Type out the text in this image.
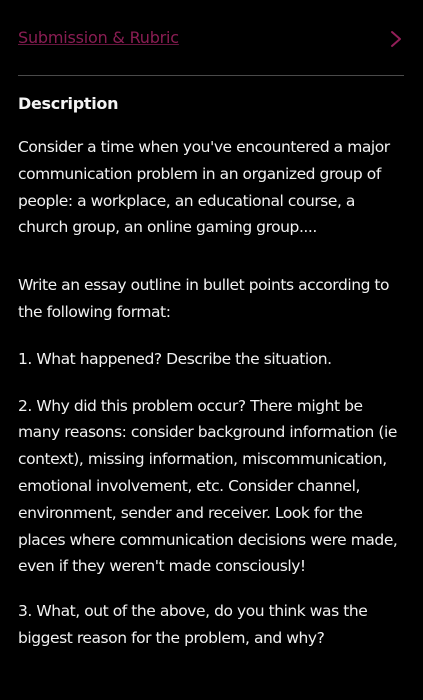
Submission & Rubric
Description

Consider a time when you've encountered a major communication problem in an organized group of people: a workplace, an educational course, a church group, an online gaming group....

Write an essay outline in bullet points according to the following format:

1. What happened? Describe the situation.

2. Why did this problem occur? There might be many reasons: consider background information (ie context), missing information, miscommunication, emotional involvement, etc. Consider channel, environment, sender and receiver. Look for the places where communication decisions were made, even if they weren't made consciously!

3. What, out of the above, do you think was the biggest reason for the problem, and why?
